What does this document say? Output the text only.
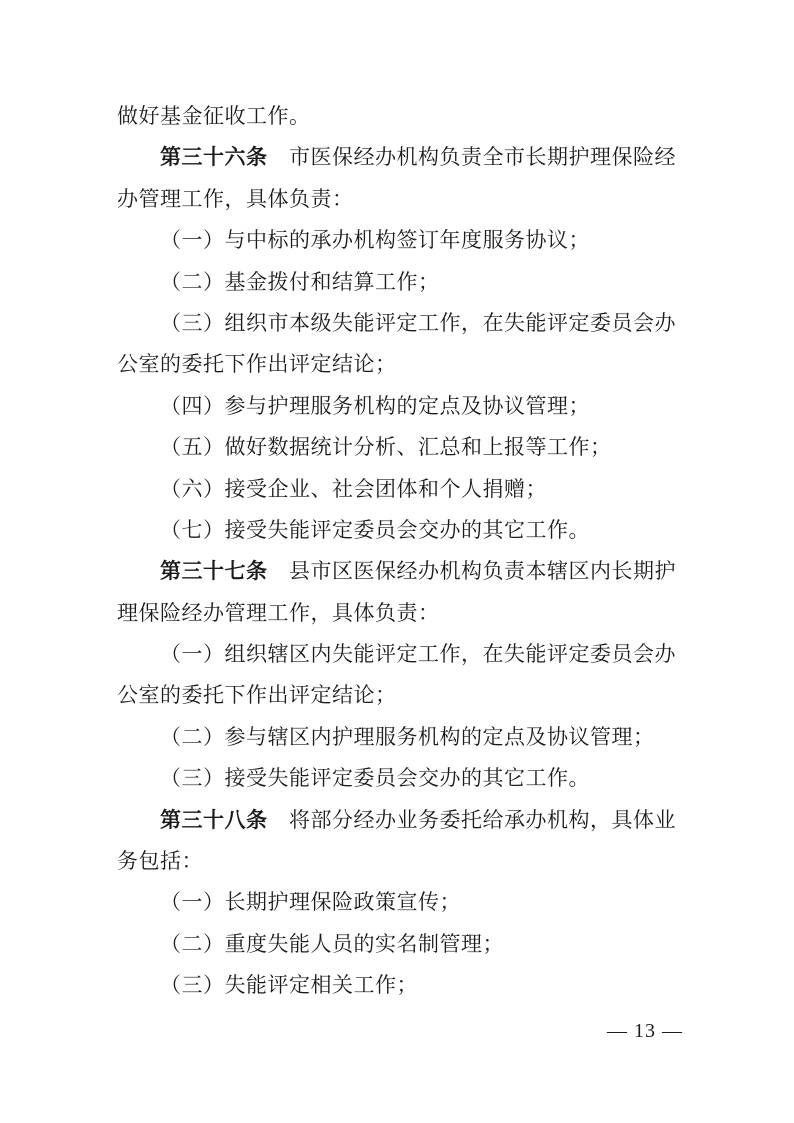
做好基金征收工作。
第三十六条　市医保经办机构负责全市长期护理保险经
办管理工作，具体负责：
（一）与中标的承办机构签订年度服务协议；
（二）基金拨付和结算工作；
（三）组织市本级失能评定工作，在失能评定委员会办
公室的委托下作出评定结论；
（四）参与护理服务机构的定点及协议管理；
（五）做好数据统计分析、汇总和上报等工作；
（六）接受企业、社会团体和个人捐赠；
（七）接受失能评定委员会交办的其它工作。
第三十七条　县市区医保经办机构负责本辖区内长期护
理保险经办管理工作，具体负责：
（一）组织辖区内失能评定工作，在失能评定委员会办
公室的委托下作出评定结论；
（二）参与辖区内护理服务机构的定点及协议管理；
（三）接受失能评定委员会交办的其它工作。
第三十八条　将部分经办业务委托给承办机构，具体业
务包括：
（一）长期护理保险政策宣传；
（二）重度失能人员的实名制管理；
（三）失能评定相关工作；
— 13 —
